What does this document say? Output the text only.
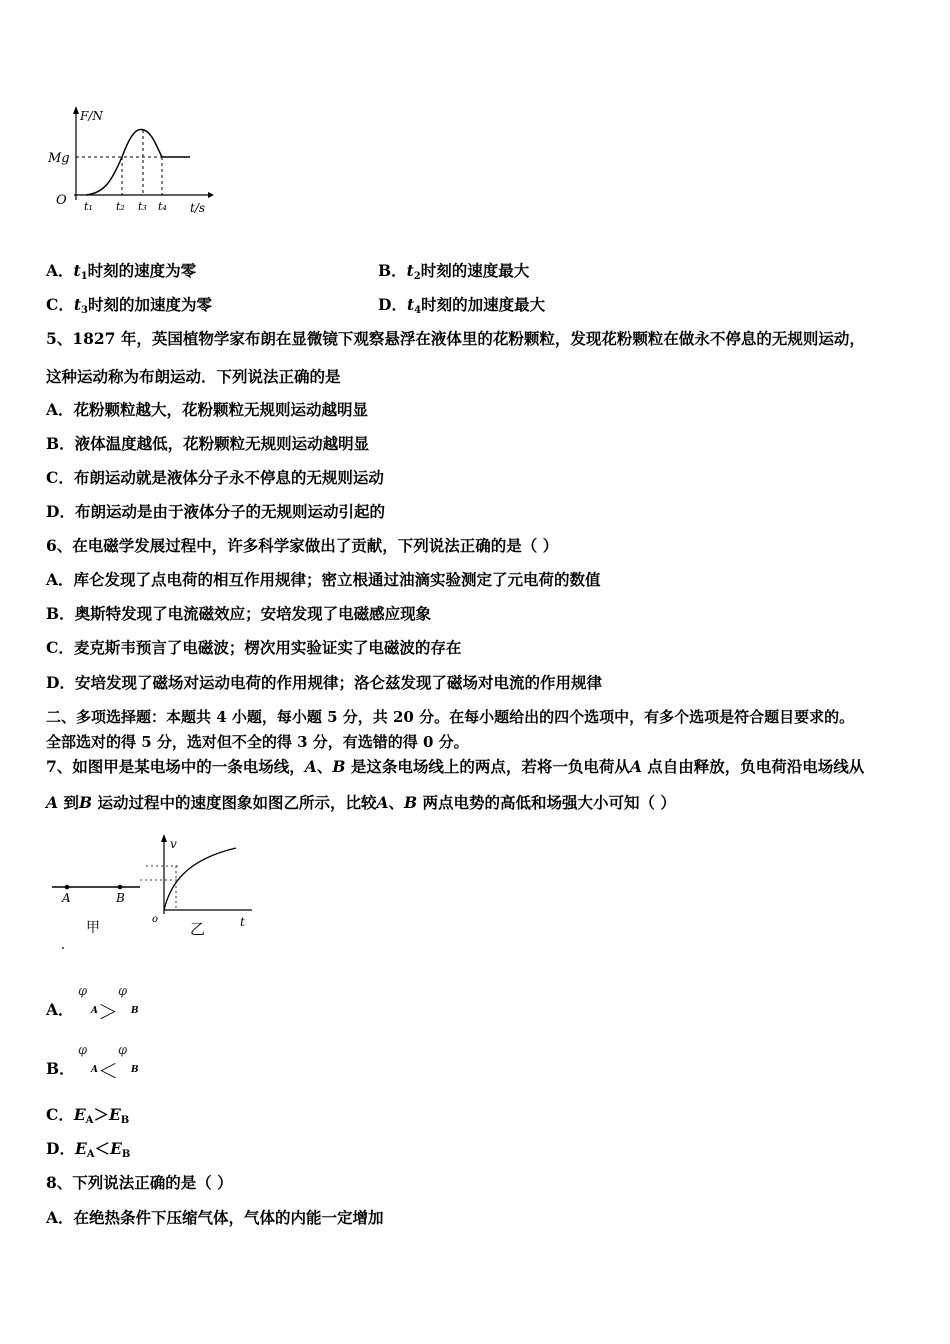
F/N
t/s
O
Mg
t₁ t₂ t₃ t₄
A．$t_1$时刻的速度为零	B．$t_2$时刻的速度最大
C．$t_3$时刻的加速度为零	D．$t_4$时刻的加速度最大
5、1827 年，英国植物学家布朗在显微镜下观察悬浮在液体里的花粉颗粒，发现花粉颗粒在做永不停息的无规则运动，
这种运动称为布朗运动．下列说法正确的是
A．花粉颗粒越大，花粉颗粒无规则运动越明显
B．液体温度越低，花粉颗粒无规则运动越明显
C．布朗运动就是液体分子永不停息的无规则运动
D．布朗运动是由于液体分子的无规则运动引起的
6、在电磁学发展过程中，许多科学家做出了贡献，下列说法正确的是（ ）
A．库仑发现了点电荷的相互作用规律；密立根通过油滴实验测定了元电荷的数值
B．奥斯特发现了电流磁效应；安培发现了电磁感应现象
C．麦克斯韦预言了电磁波；楞次用实验证实了电磁波的存在
D．安培发现了磁场对运动电荷的作用规律；洛仑兹发现了磁场对电流的作用规律
二、多项选择题：本题共 4 小题，每小题 5 分，共 20 分。在每小题给出的四个选项中，有多个选项是符合题目要求的。
全部选对的得 5 分，选对但不全的得 3 分，有选错的得 0 分。
7、如图甲是某电场中的一条电场线，A、B 是这条电场线上的两点，若将一负电荷从A 点自由释放，负电荷沿电场线从
A 到B 运动过程中的速度图象如图乙所示，比较A、B 两点电势的高低和场强大小可知（ ）
A	B
甲
v
t
o
乙
A．
φ
A ＞
φ
B
B．
φ
A ＜
φ
B
C．$E_A>E_B$
D．$E_A<E_B$
8、下列说法正确的是（ ）
A．在绝热条件下压缩气体，气体的内能一定增加
